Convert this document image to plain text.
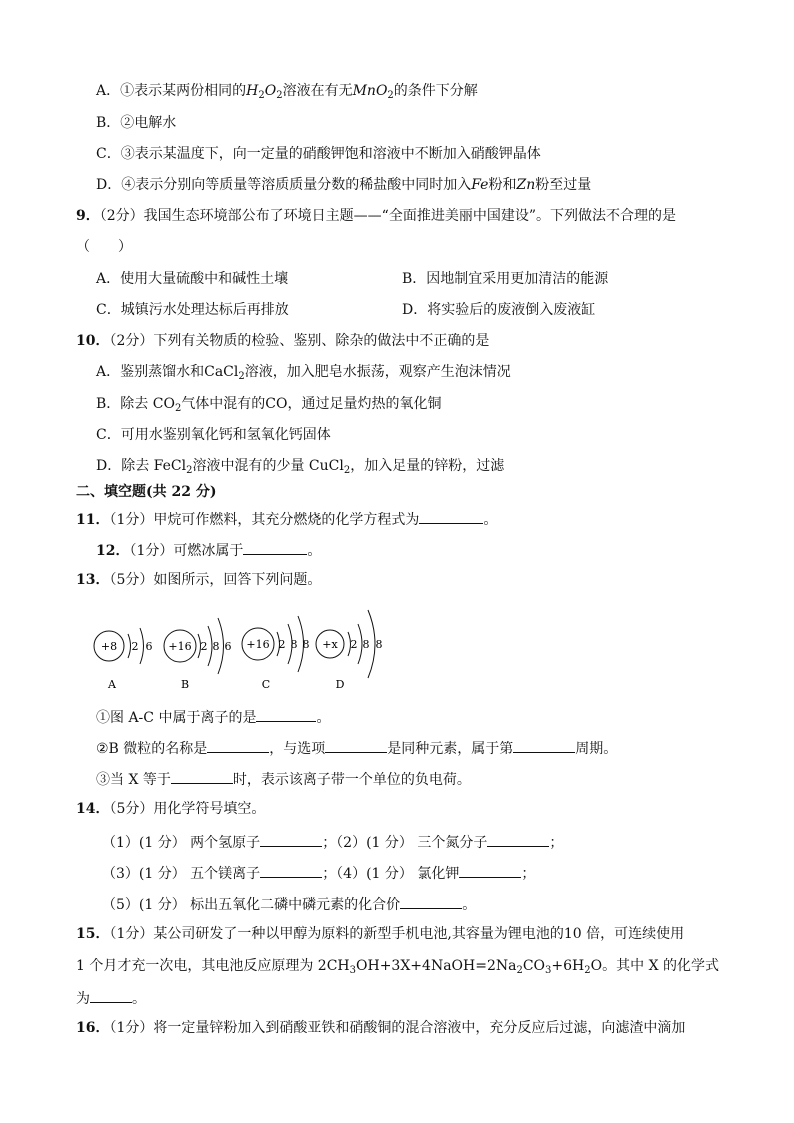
A．①表示某两份相同的$H_2O_2$溶液在有无MnO$_2$的条件下分解
B．②电解水
C．③表示某温度下，向一定量的硝酸钾饱和溶液中不断加入硝酸钾晶体
D．④表示分别向等质量等溶质质量分数的稀盐酸中同时加入Fe粉和Zn粉至过量
9．（2分）我国生态环境部公布了环境日主题——“全面推进美丽中国建设”。下列做法不合理的是
（　　）
A．使用大量硫酸中和碱性土壤	B．因地制宜采用更加清洁的能源
C．城镇污水处理达标后再排放	D．将实验后的废液倒入废液缸
10．（2分）下列有关物质的检验、鉴别、除杂的做法中不正确的是
A．鉴别蒸馏水和CaCl$_2$溶液，加入肥皂水振荡，观察产生泡沫情况
B．除去 $CO_2$气体中混有的CO，通过足量灼热的氧化铜
C．可用水鉴别氧化钙和氢氧化钙固体
D．除去 FeCl$_2$溶液中混有的少量 CuCl$_2$，加入足量的锌粉，过滤
二、填空题(共 22 分)
11．（1分）甲烷可作燃料，其充分燃烧的化学方程式为	。
12．（1分）可燃冰属于	。
13．（5分）如图所示，回答下列问题。
+8 2 6
A
+16 2 8 6
B
+16 2 8 8
C
+x 2 8 8
D
①图 A-C 中属于离子的是	。
②B 微粒的名称是	，与选项	是同种元素，属于第	周期。
③当 X 等于	时，表示该离子带一个单位的负电荷。
14．（5分）用化学符号填空。
（1）(1 分） 两个氢原子	；（2）(1 分） 三个氮分子	；
（3）(1 分） 五个镁离子	；（4）(1 分） 氯化钾	；
（5）(1 分） 标出五氧化二磷中磷元素的化合价	。
15．（1分）某公司研发了一种以甲醇为原料的新型手机电池,其容量为锂电池的10 倍，可连续使用
1 个月才充一次电，其电池反应原理为 $2CH_3OH+3X+4NaOH=2Na_2CO_3+6H_2O$。其中 X 的化学式
为	。
16．（1分）将一定量锌粉加入到硝酸亚铁和硝酸铜的混合溶液中，充分反应后过滤，向滤渣中滴加
